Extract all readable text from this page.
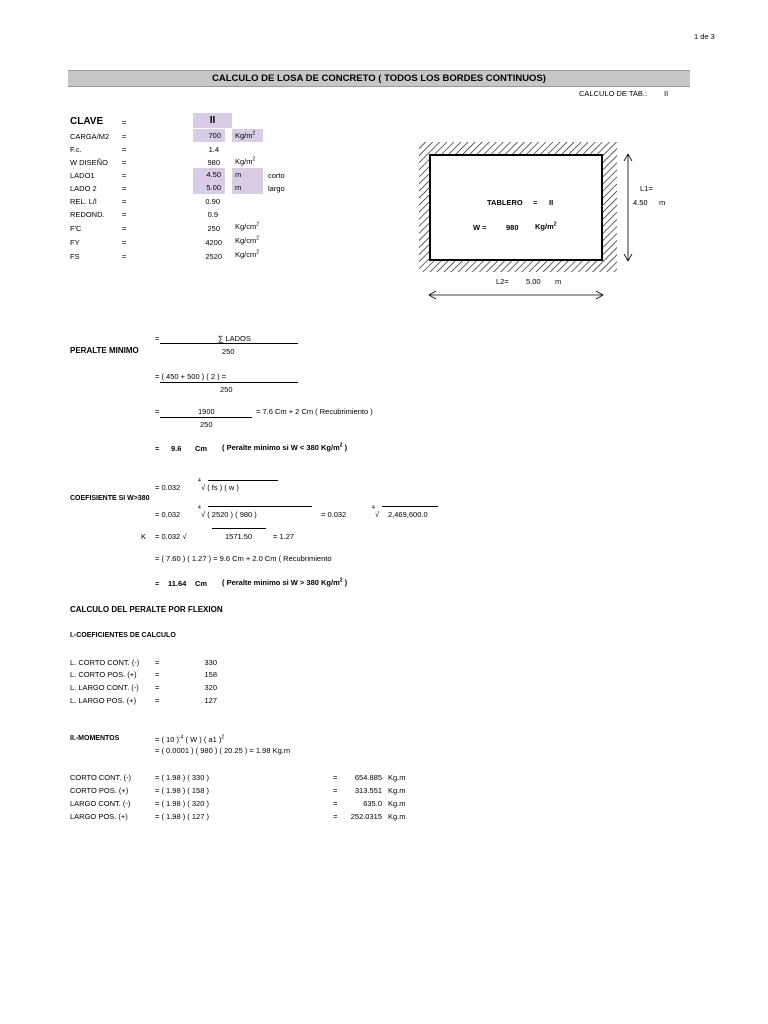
1 de 3
CALCULO DE LOSA DE CONCRETO ( TODOS LOS BORDES CONTINUOS)
CALCULO DE TAB.: II
CLAVE	=	II
CARGA/M2 =	700	$Kg/m^2$
F.c.	=	1.4
W DISEÑO =	980 $Kg/m^2$
LADO1	=	4.50	m	corto
LADO 2	=	5.00	m	largo
REL. L/l	=	0.90
REDOND. =	0.9
F'C	=	250 $Kg/cm^2$
FY	=	4200 $Kg/cm^2$
FS	=	2520 $Kg/cm^2$
TABLERO = II
W =	980 $Kg/m^2$
L1=
4.50 m
L2= 5.00 m
=	∑ LADOS
PERALTE MINIMO	250
= ( 450 + 500 ) ( 2 ) =
250
=	1900	= 7.6 Cm + 2 Cm ( Recubrimiento )
250
= 9.6 Cm ( Peralte minimo si W < 380 $Kg/m^2$ )
= 0.032
4
√ ( fs ) ( w )
COEFISIENTE SI W>380
= 0.032
4
√ ( 2520 ) ( 980 )	= 0.032
4
√ 2,469,600.0
K = 0.032 √	1571.50	= 1.27
= ( 7.60 ) ( 1.27 ) = 9.6 Cm + 2.0 Cm ( Recubrimiento
= 11.64 Cm ( Peralte minimo si W > 380 $Kg/m^2$ )
CALCULO DEL PERALTE POR FLEXION
I.-COEFICIENTES DE CALCULO
L. CORTO CONT. (-) =	330
L. CORTO POS. (+) =	158
L. LARGO CONT. (-) =	320
L. LARGO POS. (+)	=	127
II.-MOMENTOS	= ( 10 )$^{-4}$ ( W ) ( a1 )$^2$
= ( 0.0001 ) ( 980 ) ( 20.25 ) = 1.98 Kg.m
CORTO CONT. (-)	= ( 1.98 ) ( 330 )	=	654.885 Kg.m
CORTO POS. (+)	= ( 1.98 ) ( 158 )	=	313.551 Kg.m
LARGO CONT. (-)	= ( 1.98 ) ( 320 )	=	635.0 Kg.m
LARGO POS. (+)	= ( 1.98 ) ( 127 )	=	252.0315 Kg.m
